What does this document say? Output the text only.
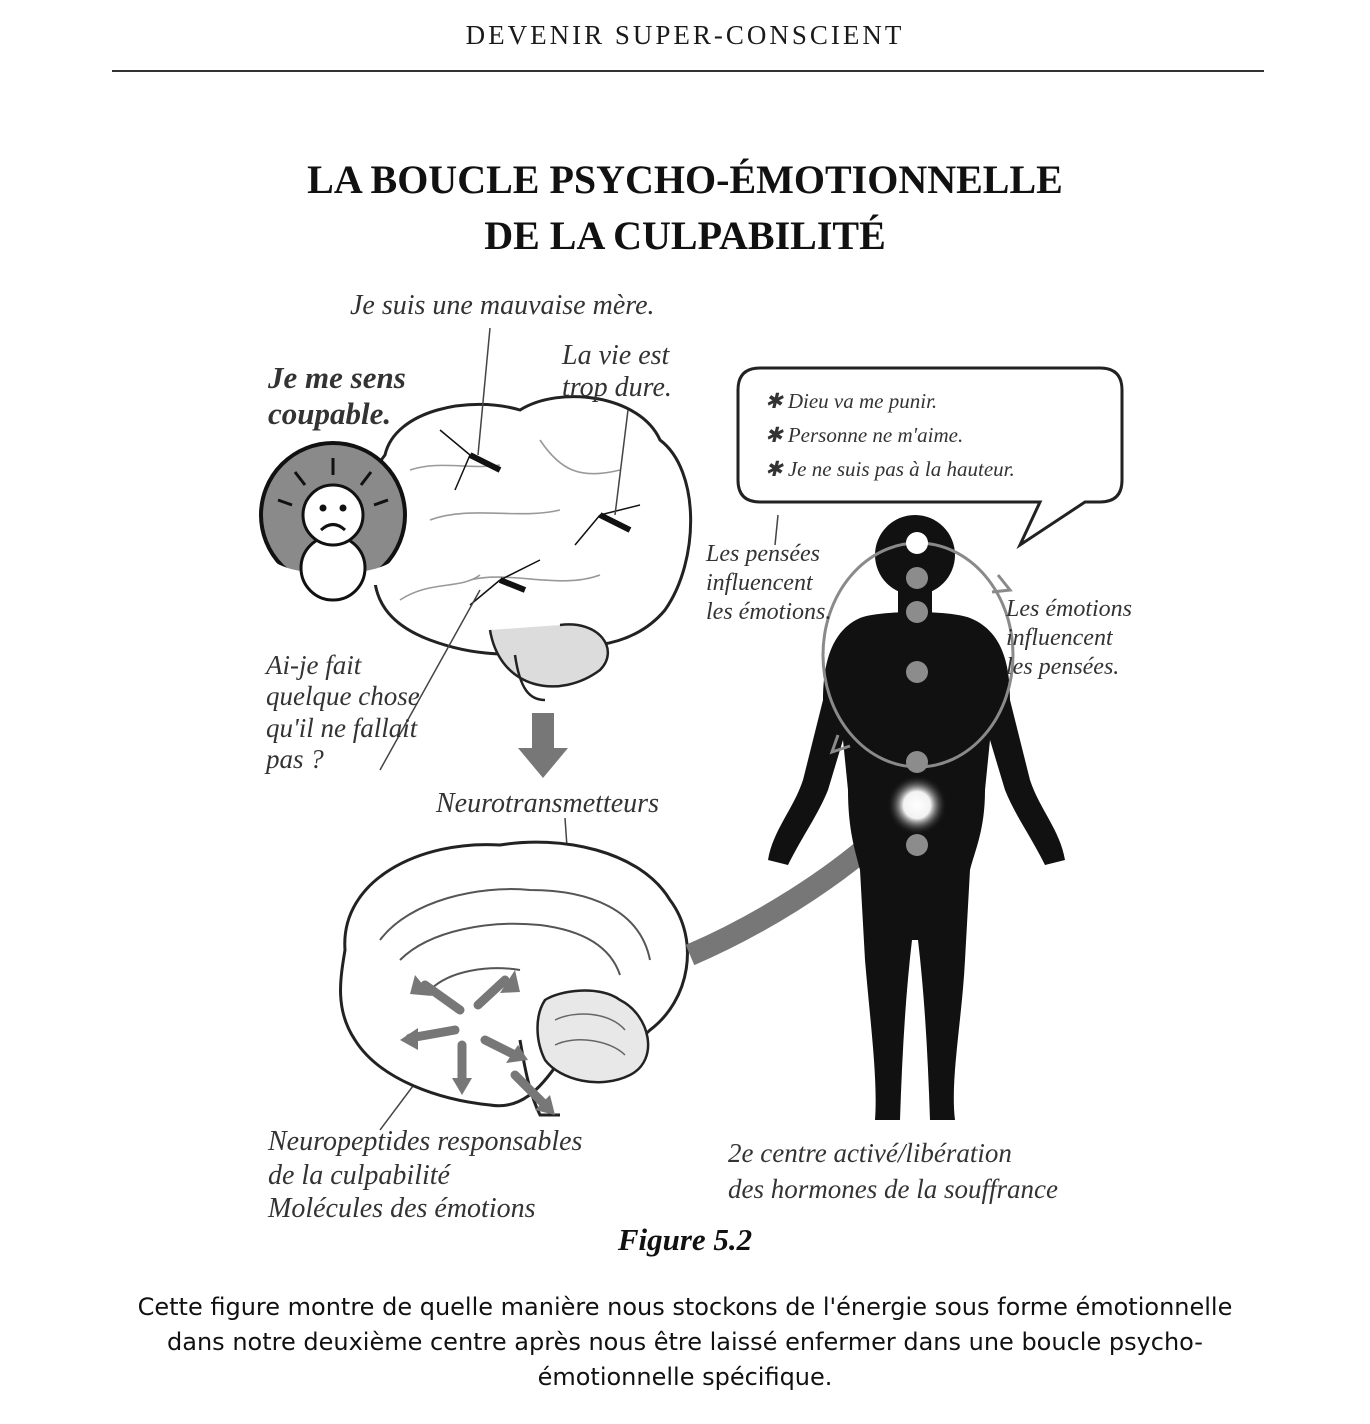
DEVENIR SUPER-CONSCIENT
LA BOUCLE PSYCHO-ÉMOTIONNELLE
DE LA CULPABILITÉ
Je suis une mauvaise mère.
La vie est
trop dure.
Je me sens
coupable.
Ai-je fait
quelque chose
qu'il ne fallait
pas ?
Neurotransmetteurs
Neuropeptides responsables
de la culpabilité
Molécules des émotions
Les pensées
influencent
les émotions.	Les émotions
influencent
les pensées.
2e centre activé/libération
des hormones de la souffrance
✱ Dieu va me punir.
✱ Personne ne m'aime.
✱ Je ne suis pas à la hauteur.
Figure 5.2
Cette figure montre de quelle manière nous stockons de l'énergie sous forme émotionnelle
dans notre deuxième centre après nous être laissé enfermer dans une boucle psycho-
émotionnelle spécifique.
